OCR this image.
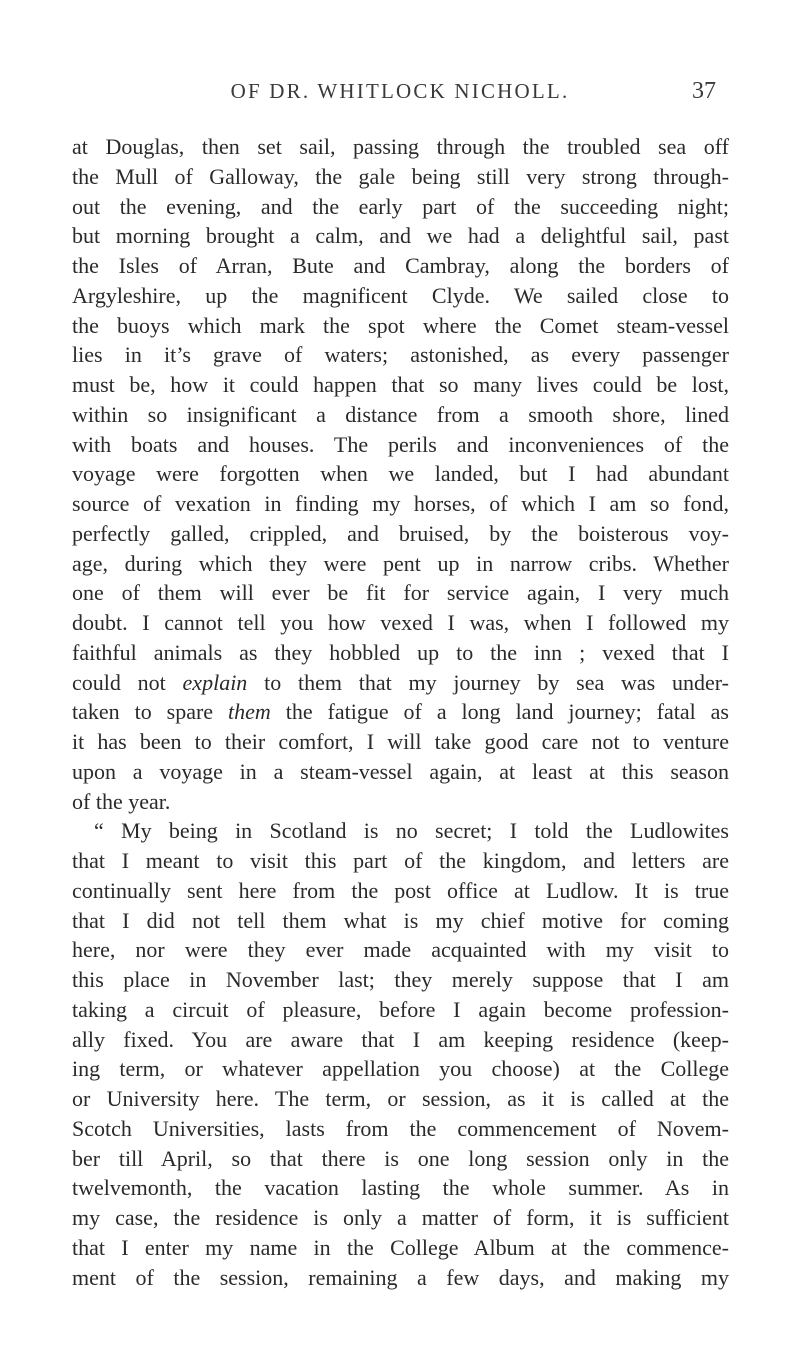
OF DR. WHITLOCK NICHOLL.	37
at Douglas, then set sail, passing through the troubled sea off
the Mull of Galloway, the gale being still very strong through-
out the evening, and the early part of the succeeding night;
but morning brought a calm, and we had a delightful sail, past
the Isles of Arran, Bute and Cambray, along the borders of
Argyleshire, up the magnificent Clyde. We sailed close to
the buoys which mark the spot where the Comet steam-vessel
lies in it’s grave of waters; astonished, as every passenger
must be, how it could happen that so many lives could be lost,
within so insignificant a distance from a smooth shore, lined
with boats and houses. The perils and inconveniences of the
voyage were forgotten when we landed, but I had abundant
source of vexation in finding my horses, of which I am so fond,
perfectly galled, crippled, and bruised, by the boisterous voy-
age, during which they were pent up in narrow cribs. Whether
one of them will ever be fit for service again, I very much
doubt. I cannot tell you how vexed I was, when I followed my
faithful animals as they hobbled up to the inn ; vexed that I
could not explain to them that my journey by sea was under-
taken to spare them the fatigue of a long land journey; fatal as
it has been to their comfort, I will take good care not to venture
upon a voyage in a steam-vessel again, at least at this season
of the year.
“ My being in Scotland is no secret; I told the Ludlowites
that I meant to visit this part of the kingdom, and letters are
continually sent here from the post office at Ludlow. It is true
that I did not tell them what is my chief motive for coming
here, nor were they ever made acquainted with my visit to
this place in November last; they merely suppose that I am
taking a circuit of pleasure, before I again become profession-
ally fixed. You are aware that I am keeping residence (keep-
ing term, or whatever appellation you choose) at the College
or University here. The term, or session, as it is called at the
Scotch Universities, lasts from the commencement of Novem-
ber till April, so that there is one long session only in the
twelvemonth, the vacation lasting the whole summer. As in
my case, the residence is only a matter of form, it is sufficient
that I enter my name in the College Album at the commence-
ment of the session, remaining a few days, and making my
